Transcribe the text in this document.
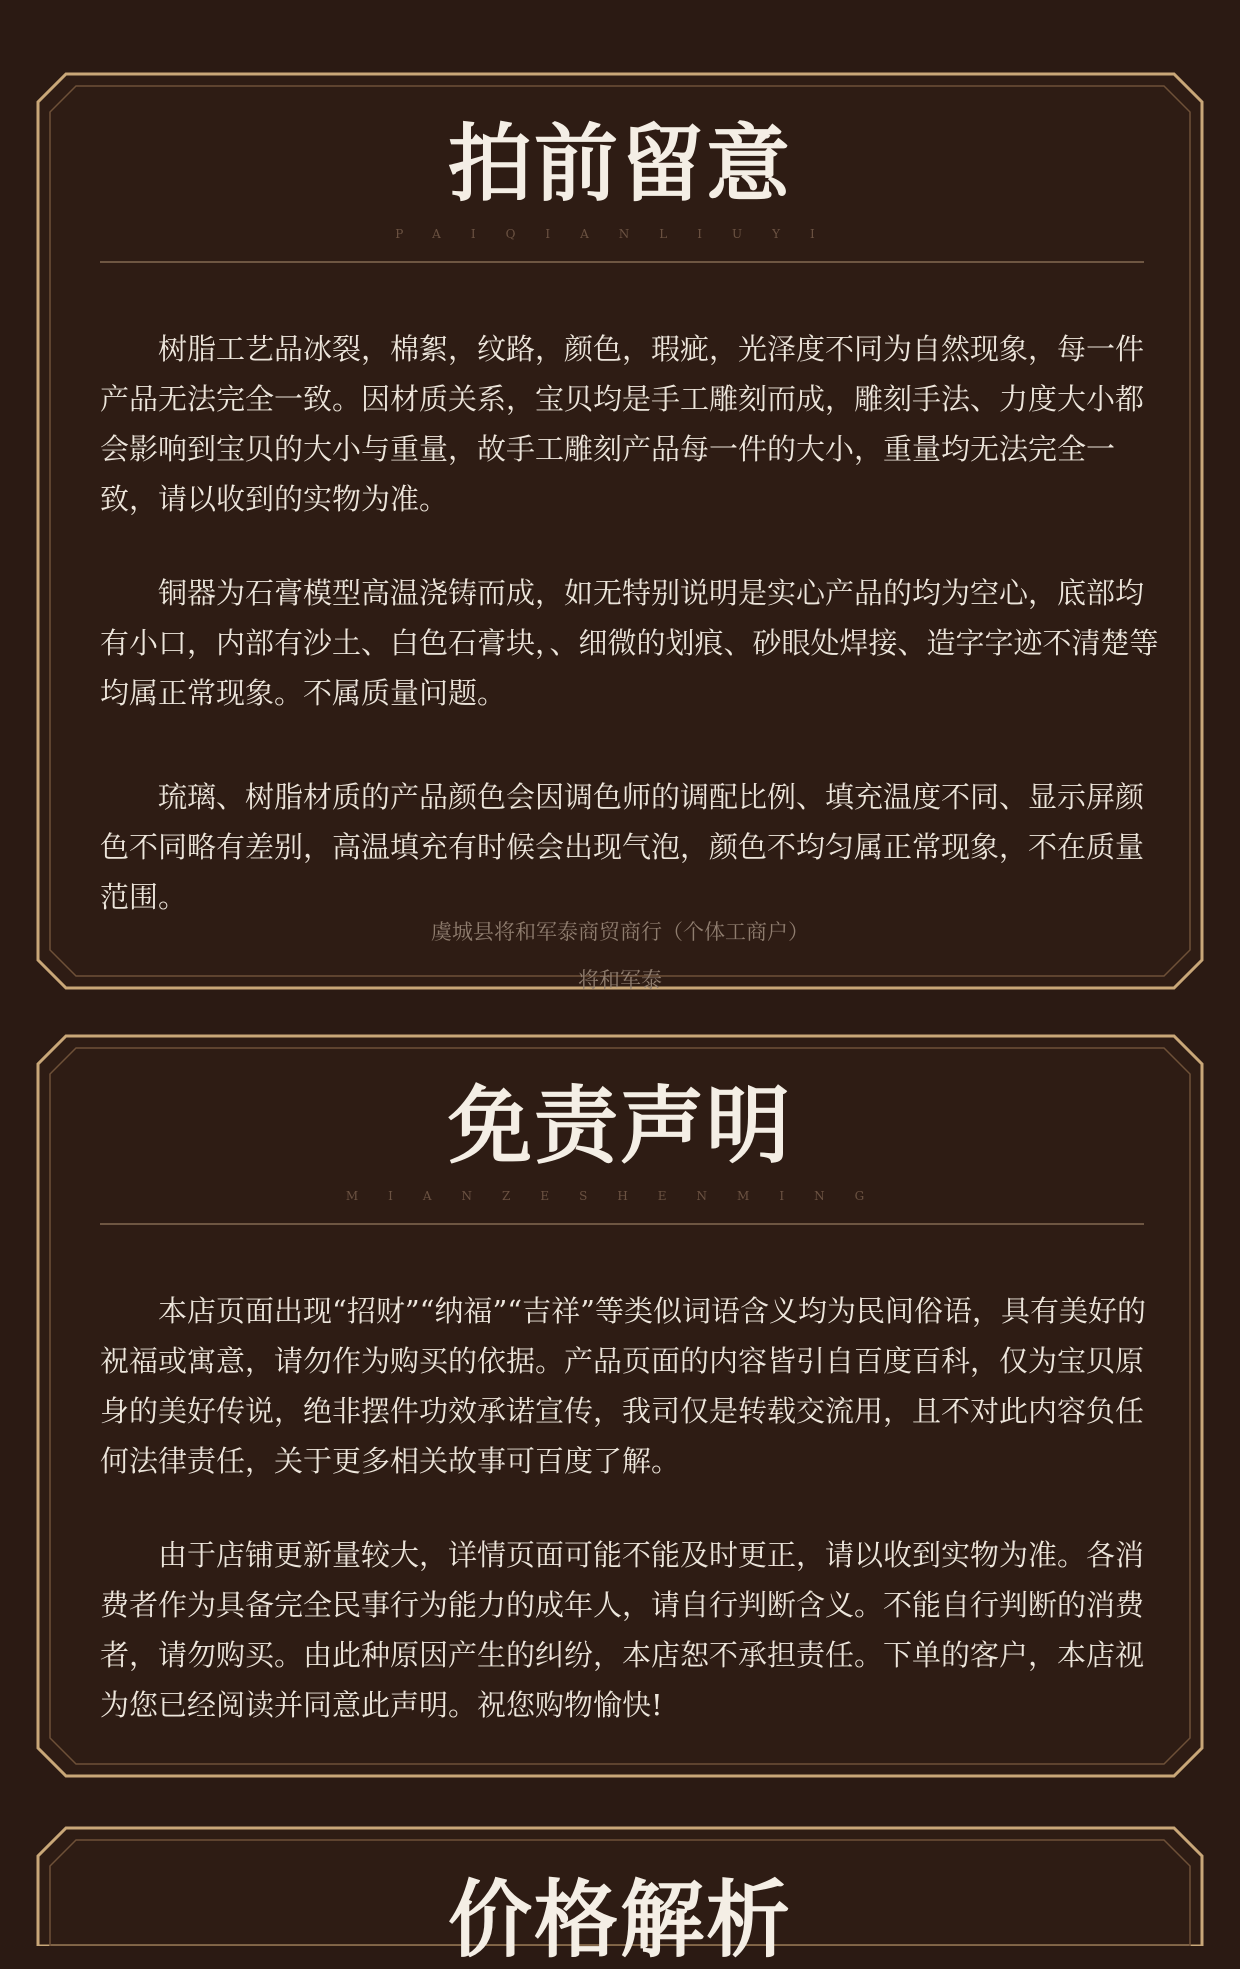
拍前留意
PAIQIANLIUYI

树脂工艺品冰裂，棉絮，纹路，颜色，瑕疵，光泽度不同为自然现象，每一件产品无法完全一致。因材质关系，宝贝均是手工雕刻而成，雕刻手法、力度大小都会影响到宝贝的大小与重量，故手工雕刻产品每一件的大小，重量均无法完全一致，请以收到的实物为准。

铜器为石膏模型高温浇铸而成，如无特别说明是实心产品的均为空心，底部均有小口，内部有沙土、白色石膏块，、细微的划痕、砂眼处焊接、造字字迹不清楚等均属正常现象。不属质量问题。

琉璃、树脂材质的产品颜色会因调色师的调配比例、填充温度不同、显示屏颜色不同略有差别，高温填充有时候会出现气泡，颜色不均匀属正常现象，不在质量范围。

虞城县将和军泰商贸商行（个体工商户）
将和军泰
免责声明
MIANZESHENMING

本店页面出现“招财”“纳福”“吉祥”等类似词语含义均为民间俗语，具有美好的祝福或寓意，请勿作为购买的依据。产品页面的内容皆引自百度百科，仅为宝贝原身的美好传说，绝非摆件功效承诺宣传，我司仅是转载交流用，且不对此内容负任何法律责任，关于更多相关故事可百度了解。

由于店铺更新量较大，详情页面可能不能及时更正，请以收到实物为准。各消费者作为具备完全民事行为能力的成年人，请自行判断含义。不能自行判断的消费者，请勿购买。由此种原因产生的纠纷，本店恕不承担责任。下单的客户，本店视为您已经阅读并同意此声明。祝您购物愉快!

价格解析
